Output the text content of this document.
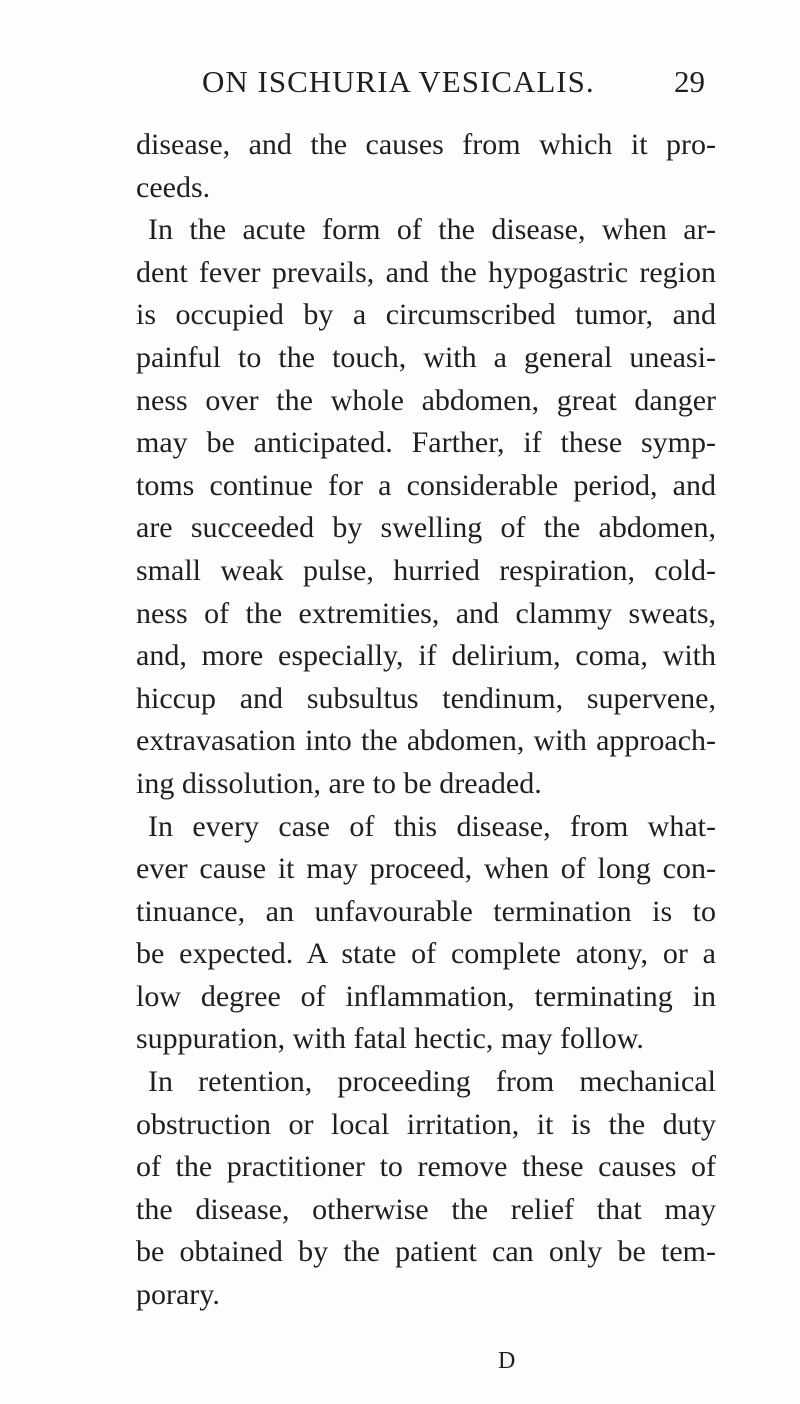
ON ISCHURIA VESICALIS.	29
disease, and the causes from which it pro-
ceeds.
In the acute form of the disease, when ar-
dent fever prevails, and the hypogastric region
is occupied by a circumscribed tumor, and
painful to the touch, with a general uneasi-
ness over the whole abdomen, great danger
may be anticipated. Farther, if these symp-
toms continue for a considerable period, and
are succeeded by swelling of the abdomen,
small weak pulse, hurried respiration, cold-
ness of the extremities, and clammy sweats,
and, more especially, if delirium, coma, with
hiccup and subsultus tendinum, supervene,
extravasation into the abdomen, with approach-
ing dissolution, are to be dreaded.
In every case of this disease, from what-
ever cause it may proceed, when of long con-
tinuance, an unfavourable termination is to
be expected. A state of complete atony, or a
low degree of inflammation, terminating in
suppuration, with fatal hectic, may follow.
In retention, proceeding from mechanical
obstruction or local irritation, it is the duty
of the practitioner to remove these causes of
the disease, otherwise the relief that may
be obtained by the patient can only be tem-
porary.
D
